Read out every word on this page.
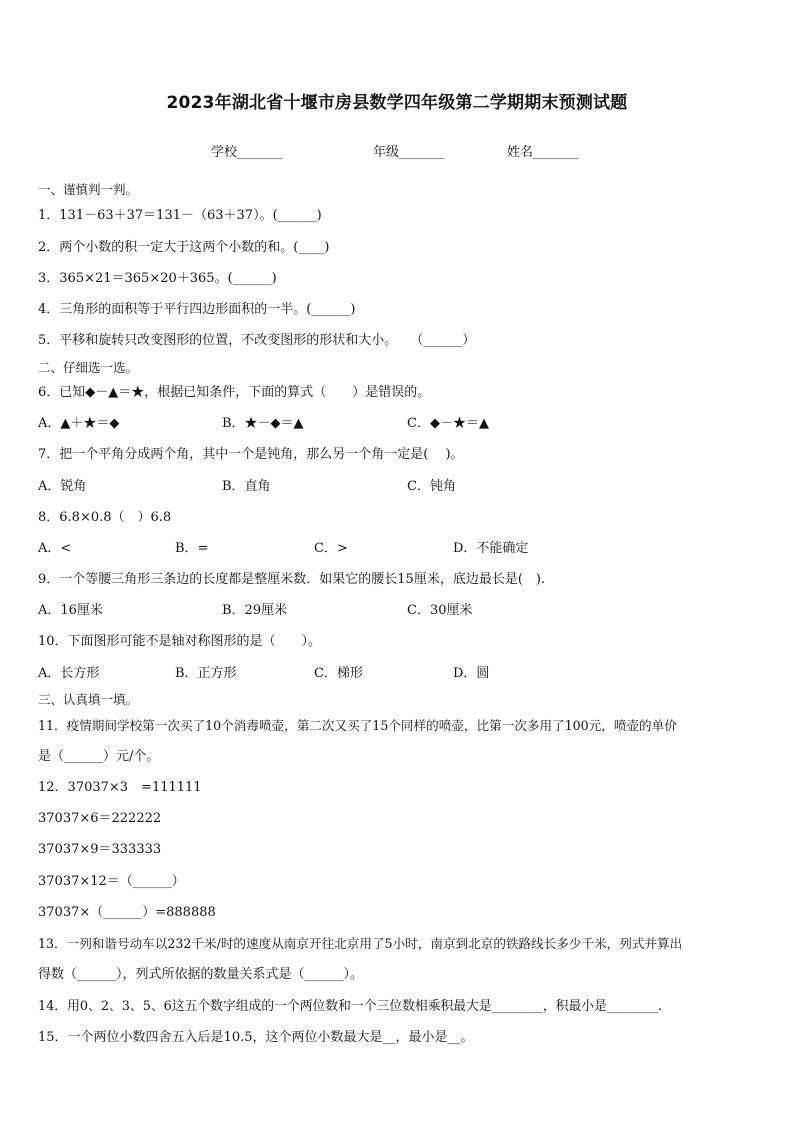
2023年湖北省十堰市房县数学四年级第二学期期末预测试题
学校_______	年级_______	姓名_______
一、谨慎判一判。
1．131－63＋37＝131－（63＋37）。(______)
2．两个小数的积一定大于这两个小数的和。(____)
3．365×21＝365×20＋365。(______)
4．三角形的面积等于平行四边形面积的一半。(______)
5．平移和旋转只改变图形的位置，不改变图形的形状和大小。　　（______）
二、仔细选一选。
6．已知◆－▲＝★，根据已知条件，下面的算式（　　）是错误的。
A．▲＋★＝◆	B．★－◆＝▲	C．◆－★＝▲
7．把一个平角分成两个角，其中一个是钝角，那么另一个角一定是(　 )。
A．锐角	B．直角	C．钝角
8．6.8×0.8（　）6.8
A．<	B．=	C．>	D．不能确定
9．一个等腰三角形三条边的长度都是整厘米数．如果它的腰长15厘米，底边最长是(　).
A．16厘米	B．29厘米	C．30厘米
10．下面图形可能不是轴对称图形的是（　　）。
A．长方形	B．正方形	C．梯形	D．圆
三、认真填一填。
11．疫情期间学校第一次买了10个消毒喷壶，第二次又买了15个同样的喷壶，比第一次多用了100元，喷壶的单价
是（______）元/个。
12．37037×3　=111111
37037×6＝222222
37037×9＝333333
37037×12＝（______）
37037×（______）=888888
13．一列和谐号动车以232千米/时的速度从南京开往北京用了5小时，南京到北京的铁路线长多少千米，列式并算出
得数（______），列式所依据的数量关系式是（______）。
14．用0、2、3、5、6这五个数字组成的一个两位数和一个三位数相乘积最大是________，积最小是________.
15．一个两位小数四舍五入后是10.5，这个两位小数最大是__，最小是__。
